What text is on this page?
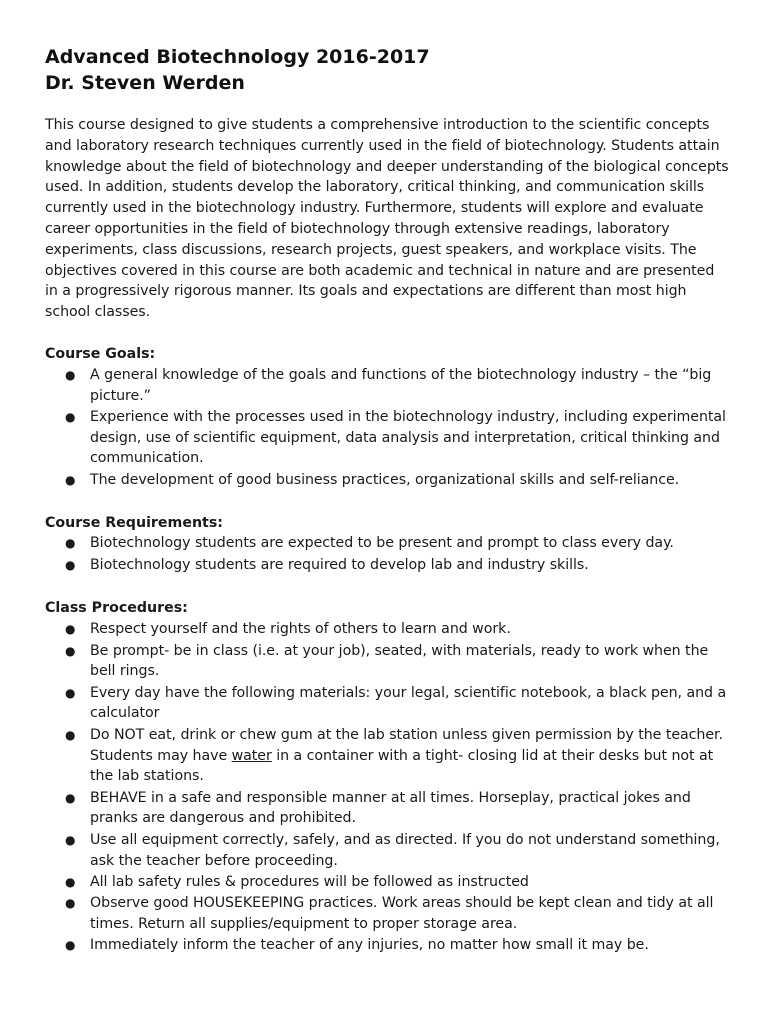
Advanced Biotechnology 2016-2017
Dr. Steven Werden

This course designed to give students a comprehensive introduction to the scientific concepts and laboratory research techniques currently used in the field of biotechnology. Students attain knowledge about the field of biotechnology and deeper understanding of the biological concepts used. In addition, students develop the laboratory, critical thinking, and communication skills currently used in the biotechnology industry. Furthermore, students will explore and evaluate career opportunities in the field of biotechnology through extensive readings, laboratory experiments, class discussions, research projects, guest speakers, and workplace visits. The objectives covered in this course are both academic and technical in nature and are presented in a progressively rigorous manner. Its goals and expectations are different than most high school classes.

Course Goals:
● A general knowledge of the goals and functions of the biotechnology industry – the “big picture.”
● Experience with the processes used in the biotechnology industry, including experimental design, use of scientific equipment, data analysis and interpretation, critical thinking and communication.
● The development of good business practices, organizational skills and self-reliance.
Course Requirements:
● Biotechnology students are expected to be present and prompt to class every day.
● Biotechnology students are required to develop lab and industry skills.
Class Procedures:
● Respect yourself and the rights of others to learn and work.
● Be prompt- be in class (i.e. at your job), seated, with materials, ready to work when the bell rings.
● Every day have the following materials: your legal, scientific notebook, a black pen, and a calculator
● Do NOT eat, drink or chew gum at the lab station unless given permission by the teacher. Students may have water in a container with a tight- closing lid at their desks but not at the lab stations.
● BEHAVE in a safe and responsible manner at all times. Horseplay, practical jokes and pranks are dangerous and prohibited.
● Use all equipment correctly, safely, and as directed. If you do not understand something, ask the teacher before proceeding.
● All lab safety rules & procedures will be followed as instructed
● Observe good HOUSEKEEPING practices. Work areas should be kept clean and tidy at all times. Return all supplies/equipment to proper storage area.
● Immediately inform the teacher of any injuries, no matter how small it may be.
